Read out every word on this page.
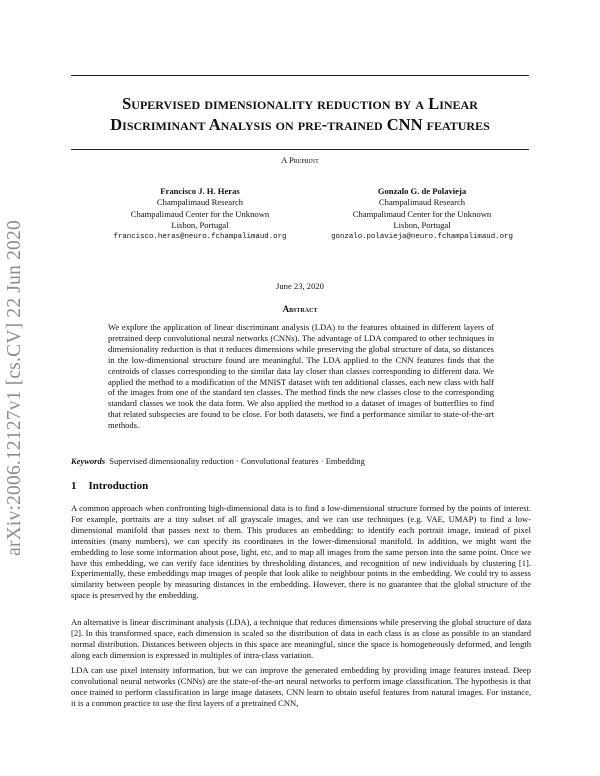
arXiv:2006.12127v1 [cs.CV] 22 Jun 2020
Supervised dimensionality reduction by a Linear
Discriminant Analysis on pre-trained CNN features
A Preprint
Francisco J. H. Heras
Champalimaud Research
Champalimaud Center for the Unknown
Lisbon, Portugal
francisco.heras@neuro.fchampalimaud.org
Gonzalo G. de Polavieja
Champalimaud Research
Champalimaud Center for the Unknown
Lisbon, Portugal
gonzalo.polavieja@neuro.fchampalimaud.org
June 23, 2020
Abstract
We explore the application of linear discriminant analysis (LDA) to the features obtained in different layers of pretrained deep convolutional neural networks (CNNs). The advantage of LDA compared to other techniques in dimensionality reduction is that it reduces dimensions while preserving the global structure of data, so distances in the low-dimensional structure found are meaningful. The LDA applied to the CNN features finds that the centroids of classes corresponding to the similar data lay closer than classes corresponding to different data. We applied the method to a modification of the MNIST dataset with ten additional classes, each new class with half of the images from one of the standard ten classes. The method finds the new classes close to the corresponding standard classes we took the data form. We also applied the method to a dataset of images of butterflies to find that related subspecies are found to be close. For both datasets, we find a performance similar to state-of-the-art methods.
Keywords Supervised dimensionality reduction · Convolutional features · Embedding
1 Introduction
A common approach when confronting high-dimensional data is to find a low-dimensional structure formed by the points of interest. For example, portraits are a tiny subset of all grayscale images, and we can use techniques (e.g. VAE, UMAP) to find a low-dimensional manifold that passes next to them. This produces an embedding: to identify each portrait image, instead of pixel intensities (many numbers), we can specify its coordinates in the lower-dimensional manifold. In addition, we might want the embedding to lose some information about pose, light, etc, and to map all images from the same person into the same point. Once we have this embedding, we can verify face identities by thresholding distances, and recognition of new individuals by clustering [1]. Experimentally, these embeddings map images of people that look alike to neighbour points in the embedding. We could try to assess similarity between people by measuring distances in the embedding. However, there is no guarantee that the global structure of the space is preserved by the embedding.
An alternative is linear discriminant analysis (LDA), a technique that reduces dimensions while preserving the global structure of data [2]. In this transformed space, each dimension is scaled so the distribution of data in each class is as close as possible to an standard normal distribution. Distances between objects in this space are meaningful, since the space is homogeneously deformed, and length along each dimension is expressed in multiples of intra-class variation.
LDA can use pixel intensity information, but we can improve the generated embedding by providing image features instead. Deep convolutional neural networks (CNNs) are the state-of-the-art neural networks to perform image classification. The hypothesis is that once trained to perform classification in large image datasets, CNN learn to obtain useful features from natural images. For instance, it is a common practice to use the first layers of a pretrained CNN,
